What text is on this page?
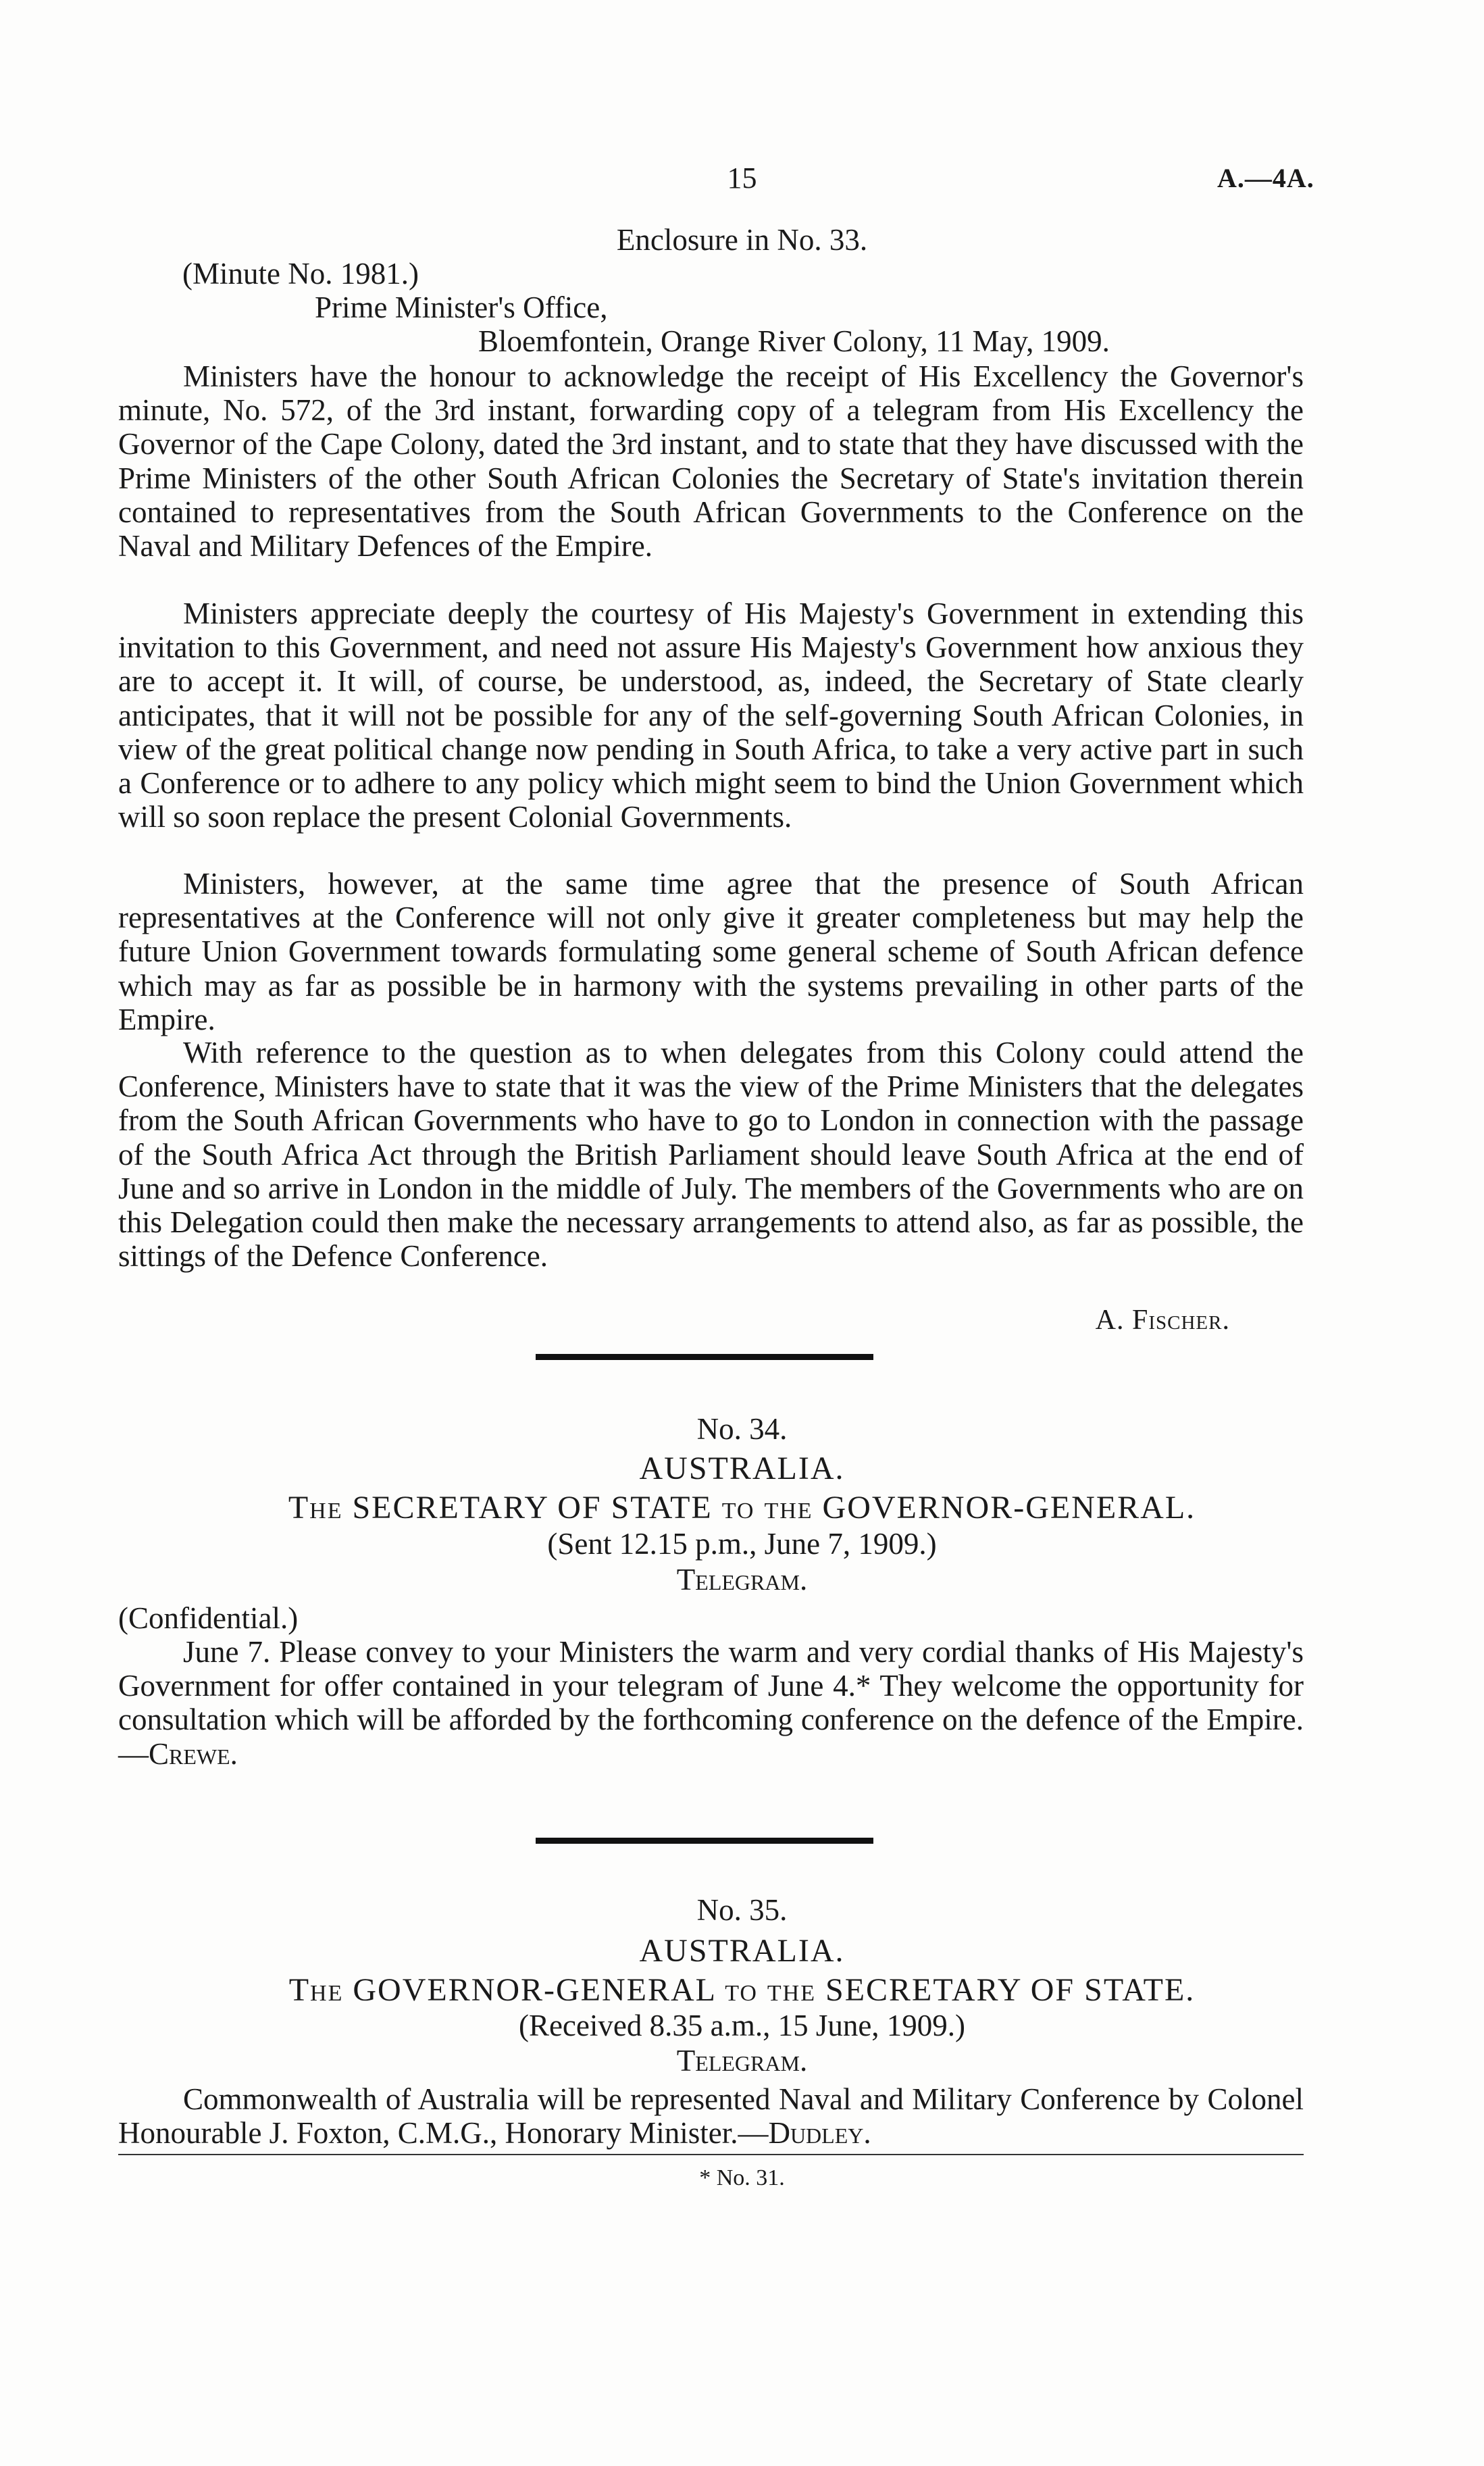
15	A.—4A.
Enclosure in No. 33.
(Minute No. 1981.)
Prime Minister's Office,
Bloemfontein, Orange River Colony, 11 May, 1909.

Ministers have the honour to acknowledge the receipt of His Excellency the Governor's minute, No. 572, of the 3rd instant, forwarding copy of a telegram from His Excellency the Governor of the Cape Colony, dated the 3rd instant, and to state that they have discussed with the Prime Ministers of the other South African Colonies the Secretary of State's invitation therein contained to representatives from the South African Governments to the Conference on the Naval and Military Defences of the Empire.

Ministers appreciate deeply the courtesy of His Majesty's Government in extending this invitation to this Government, and need not assure His Majesty's Government how anxious they are to accept it. It will, of course, be understood, as, indeed, the Secretary of State clearly anticipates, that it will not be possible for any of the self-governing South African Colonies, in view of the great political change now pending in South Africa, to take a very active part in such a Conference or to adhere to any policy which might seem to bind the Union Government which will so soon replace the present Colonial Governments.

Ministers, however, at the same time agree that the presence of South African representatives at the Conference will not only give it greater completeness but may help the future Union Government towards formulating some general scheme of South African defence which may as far as possible be in harmony with the systems prevailing in other parts of the Empire.

With reference to the question as to when delegates from this Colony could attend the Conference, Ministers have to state that it was the view of the Prime Ministers that the delegates from the South African Governments who have to go to London in connection with the passage of the South Africa Act through the British Parliament should leave South Africa at the end of June and so arrive in London in the middle of July. The members of the Governments who are on this Delegation could then make the necessary arrangements to attend also, as far as possible, the sittings of the Defence Conference.

A. Fischer.
No. 34.
AUSTRALIA.
The SECRETARY OF STATE to the GOVERNOR-GENERAL.
(Sent 12.15 p.m., June 7, 1909.)
Telegram.
(Confidential.)

June 7. Please convey to your Ministers the warm and very cordial thanks of His Majesty's Government for offer contained in your telegram of June 4.* They welcome the opportunity for consultation which will be afforded by the forthcoming conference on the defence of the Empire.—Crewe.

No. 35.
AUSTRALIA.
The GOVERNOR-GENERAL to the SECRETARY OF STATE.
(Received 8.35 a.m., 15 June, 1909.)
Telegram.

Commonwealth of Australia will be represented Naval and Military Conference by Colonel Honourable J. Foxton, C.M.G., Honorary Minister.—Dudley.

* No. 31.
